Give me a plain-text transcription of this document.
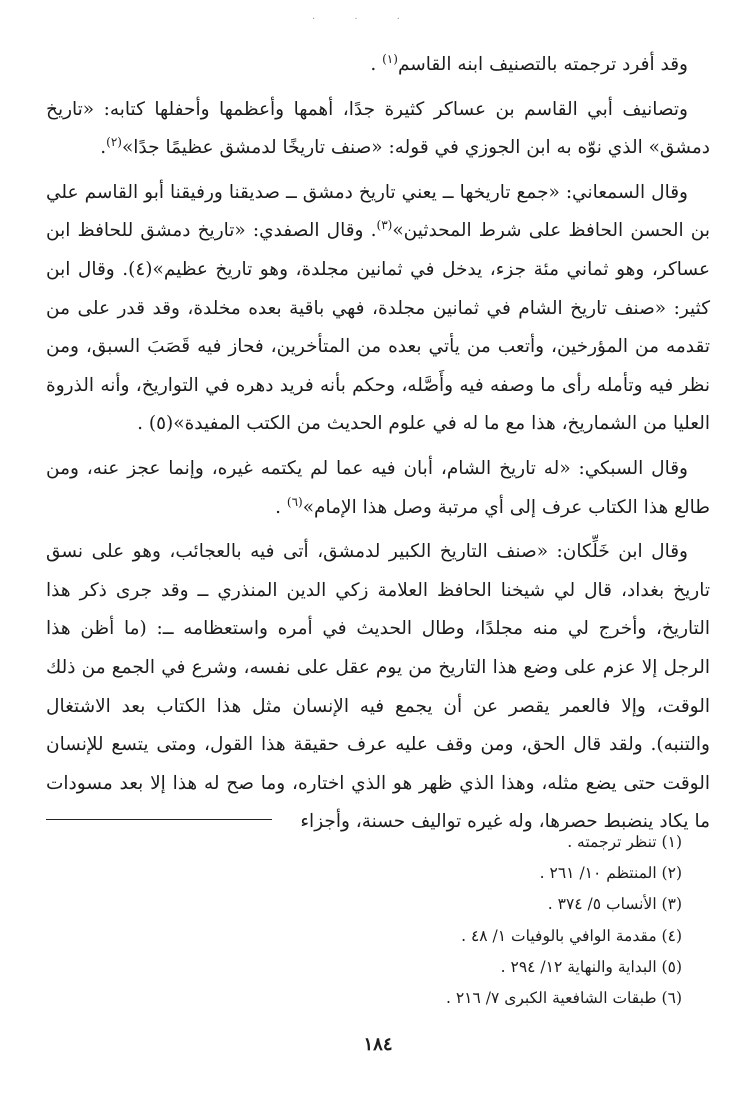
· · ·

وقد أفرد ترجمته بالتصنيف ابنه القاسم$^{(١)}$ .

وتصانيف أبي القاسم بن عساكر كثيرة جدًا، أهمها وأعظمها وأحفلها كتابه: «تاريخ دمشق» الذي نوّه به ابن الجوزي في قوله: «صنف تاريخًا لدمشق عظيمًا جدًا»$^{(٢)}$.

وقال السمعاني: «جمع تاريخها ــ يعني تاريخ دمشق ــ صديقنا ورفيقنا أبو القاسم علي بن الحسن الحافظ على شرط المحدثين»$^{(٣)}$. وقال الصفدي: «تاريخ دمشق للحافظ ابن عساكر، وهو ثماني مئة جزء، يدخل في ثمانين مجلدة، وهو تاريخ عظيم»(٤). وقال ابن كثير: «صنف تاريخ الشام في ثمانين مجلدة، فهي باقية بعده مخلدة، وقد قدر على من تقدمه من المؤرخين، وأتعب من يأتي بعده من المتأخرين، فحاز فيه قَصَبَ السبق، ومن نظر فيه وتأمله رأى ما وصفه فيه وأَصَّله، وحكم بأنه فريد دهره في التواريخ، وأنه الذروة العليا من الشماريخ، هذا مع ما له في علوم الحديث من الكتب المفيدة»(٥) .

وقال السبكي: «له تاريخ الشام، أبان فيه عما لم يكتمه غيره، وإنما عجز عنه، ومن طالع هذا الكتاب عرف إلى أي مرتبة وصل هذا الإمام»$^{(٦)}$ .

وقال ابن خَلِّكان: «صنف التاريخ الكبير لدمشق، أتى فيه بالعجائب، وهو على نسق تاريخ بغداد، قال لي شيخنا الحافظ العلامة زكي الدين المنذري ــ وقد جرى ذكر هذا التاريخ، وأخرج لي منه مجلدًا، وطال الحديث في أمره واستعظامه ــ: (ما أظن هذا الرجل إلا عزم على وضع هذا التاريخ من يوم عقل على نفسه، وشرع في الجمع من ذلك الوقت، وإلا فالعمر يقصر عن أن يجمع فيه الإنسان مثل هذا الكتاب بعد الاشتغال والتنبه). ولقد قال الحق، ومن وقف عليه عرف حقيقة هذا القول، ومتى يتسع للإنسان الوقت حتى يضع مثله، وهذا الذي ظهر هو الذي اختاره، وما صح له هذا إلا بعد مسودات ما يكاد ينضبط حصرها، وله غيره تواليف حسنة، وأجزاء

(١) تنظر ترجمته .
(٢) المنتظم ١٠/ ٢٦١ .
(٣) الأنساب ٥/ ٣٧٤ .
(٤) مقدمة الوافي بالوفيات ١/ ٤٨ .
(٥) البداية والنهاية ١٢/ ٢٩٤ .
(٦) طبقات الشافعية الكبرى ٧/ ٢١٦ .
١٨٤
